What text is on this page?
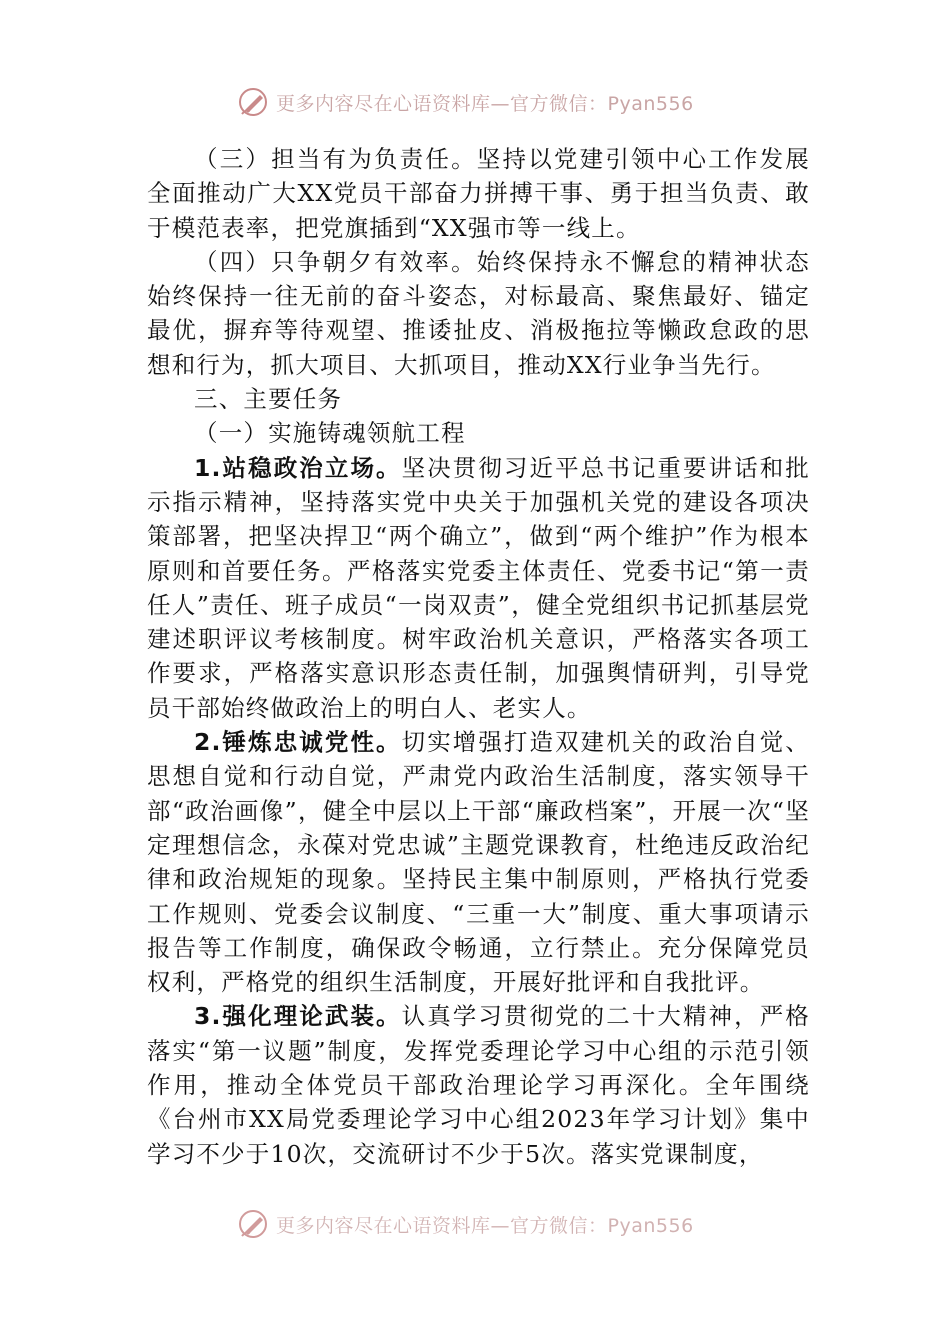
更多内容尽在心语资料库—官方微信：Pyan556

（三）担当有为负责任。坚持以党建引领中心工作发展全面推动广大XX党员干部奋力拼搏干事、勇于担当负责、敢于模范表率，把党旗插到“XX强市等一线上。

（四）只争朝夕有效率。始终保持永不懈怠的精神状态始终保持一往无前的奋斗姿态，对标最高、聚焦最好、锚定最优，摒弃等待观望、推诿扯皮、消极拖拉等懒政怠政的思想和行为，抓大项目、大抓项目，推动XX行业争当先行。

三、主要任务

（一）实施铸魂领航工程

1.站稳政治立场。坚决贯彻习近平总书记重要讲话和批示指示精神，坚持落实党中央关于加强机关党的建设各项决策部署，把坚决捍卫“两个确立”，做到“两个维护”作为根本原则和首要任务。严格落实党委主体责任、党委书记“第一责任人”责任、班子成员“一岗双责”，健全党组织书记抓基层党建述职评议考核制度。树牢政治机关意识，严格落实各项工作要求，严格落实意识形态责任制，加强舆情研判，引导党员干部始终做政治上的明白人、老实人。

2.锤炼忠诚党性。切实增强打造双建机关的政治自觉、思想自觉和行动自觉，严肃党内政治生活制度，落实领导干部“政治画像”，健全中层以上干部“廉政档案”，开展一次“坚定理想信念，永葆对党忠诚”主题党课教育，杜绝违反政治纪律和政治规矩的现象。坚持民主集中制原则，严格执行党委工作规则、党委会议制度、“三重一大”制度、重大事项请示报告等工作制度，确保政令畅通，立行禁止。充分保障党员权利，严格党的组织生活制度，开展好批评和自我批评。

3.强化理论武装。认真学习贯彻党的二十大精神，严格落实“第一议题”制度，发挥党委理论学习中心组的示范引领作用，推动全体党员干部政治理论学习再深化。全年围绕《台州市XX局党委理论学习中心组2023年学习计划》集中学习不少于10次，交流研讨不少于5次。落实党课制度，

更多内容尽在心语资料库—官方微信：Pyan556
